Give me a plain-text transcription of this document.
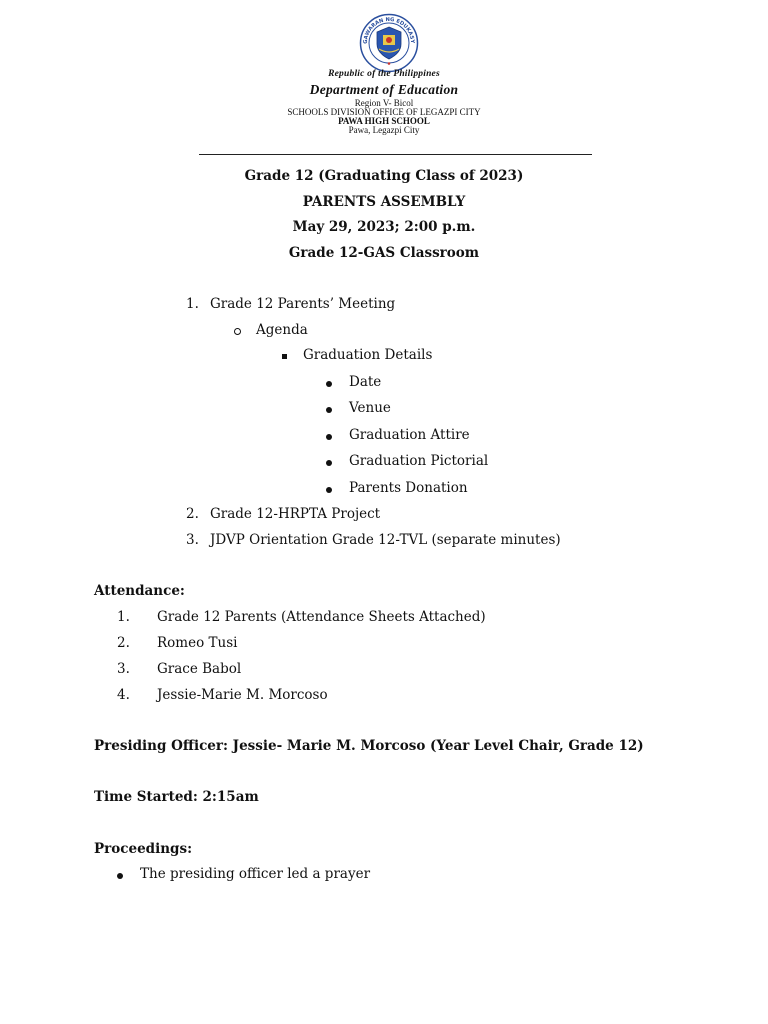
GAWARAN NG EDUKASY
Republic of the Philippines
Department of Education
Region V- Bicol
SCHOOLS DIVISION OFFICE OF LEGAZPI CITY
PAWA HIGH SCHOOL
Pawa, Legazpi City
Grade 12 (Graduating Class of 2023)
PARENTS ASSEMBLY
May 29, 2023; 2:00 p.m.
Grade 12-GAS Classroom
1. Grade 12 Parents’ Meeting
Agenda
Graduation Details
Date
Venue
Graduation Attire
Graduation Pictorial
Parents Donation
2. Grade 12-HRPTA Project
3. JDVP Orientation Grade 12-TVL (separate minutes)
Attendance:
1. Grade 12 Parents (Attendance Sheets Attached)
2. Romeo Tusi
3. Grace Babol
4. Jessie-Marie M. Morcoso
Presiding Officer: Jessie- Marie M. Morcoso (Year Level Chair, Grade 12)
Time Started: 2:15am
Proceedings:
The presiding officer led a prayer
